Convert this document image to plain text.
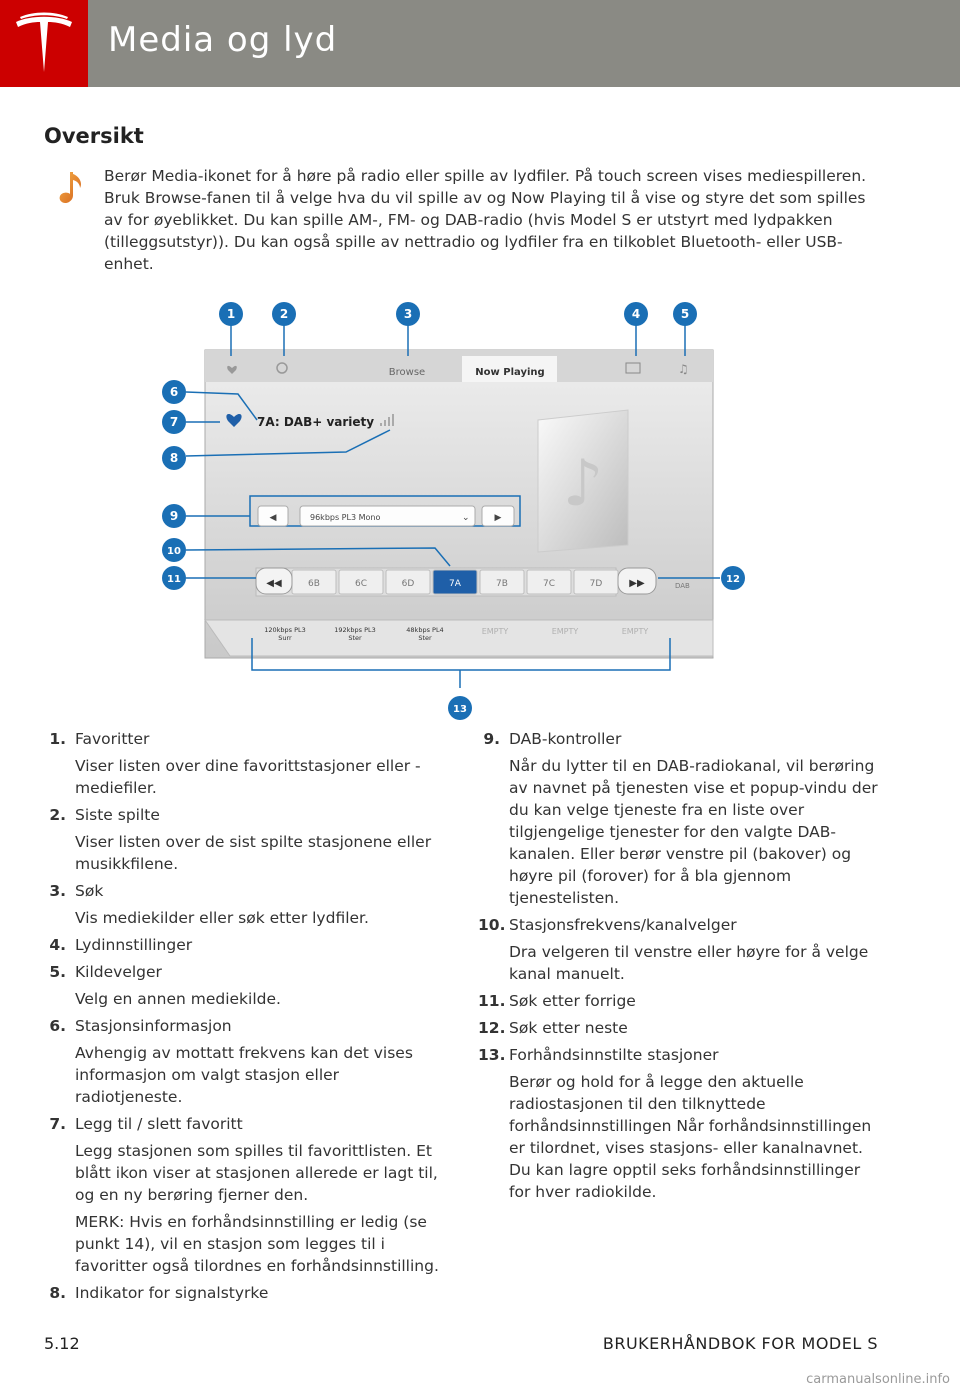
Media og lyd
Oversikt
Berør Media-ikonet for å høre på radio eller spille av lydfiler. På touch screen vises mediespilleren. Bruk Browse-fanen til å velge hva du vil spille av og Now Playing til å vise og styre det som spilles av for øyeblikket. Du kan spille AM-, FM- og DAB-radio (hvis Model S er utstyrt med lydpakken (tilleggsutstyr)). Du kan også spille av nettradio og lydfiler fra en tilkoblet Bluetooth- eller USB-enhet.
Browse	Now Playing	♫
7A: DAB+ variety
♪
◀	96kbps PL3 Mono	⌄	▶
6B	6C	6D	7A	7B	7C	7D
◀◀	▶▶	DAB
120kbps PL3
Surr
192kbps PL3
Ster
48kbps PL4
Ster
EMPTY	EMPTY	EMPTY
1	2	3	4	5
6
7
8
9
10
11	12
13
1. Favoritter
Viser listen over dine favorittstasjoner eller -mediefiler.
2. Siste spilte
Viser listen over de sist spilte stasjonene eller musikkfilene.
3. Søk
Vis mediekilder eller søk etter lydfiler.
4. Lydinnstillinger
5. Kildevelger
Velg en annen mediekilde.
6. Stasjonsinformasjon
Avhengig av mottatt frekvens kan det vises informasjon om valgt stasjon eller radiotjeneste.
7. Legg til / slett favoritt
Legg stasjonen som spilles til favorittlisten. Et blått ikon viser at stasjonen allerede er lagt til, og en ny berøring fjerner den.
MERK: Hvis en forhåndsinnstilling er ledig (se punkt 14), vil en stasjon som legges til i favoritter også tilordnes en forhåndsinnstilling.
8. Indikator for signalstyrke
9. DAB-kontroller
Når du lytter til en DAB-radiokanal, vil berøring av navnet på tjenesten vise et popup-vindu der du kan velge tjeneste fra en liste over tilgjengelige tjenester for den valgte DAB-kanalen. Eller berør venstre pil (bakover) og høyre pil (forover) for å bla gjennom tjenestelisten.
10. Stasjonsfrekvens/kanalvelger
Dra velgeren til venstre eller høyre for å velge kanal manuelt.
11. Søk etter forrige
12. Søk etter neste
13. Forhåndsinnstilte stasjoner
Berør og hold for å legge den aktuelle radiostasjonen til den tilknyttede forhåndsinnstillingen Når forhåndsinnstillingen er tilordnet, vises stasjons- eller kanalnavnet. Du kan lagre opptil seks forhåndsinnstillinger for hver radiokilde.
5.12	BRUKERHÅNDBOK FOR MODEL S
carmanualsonline.info
